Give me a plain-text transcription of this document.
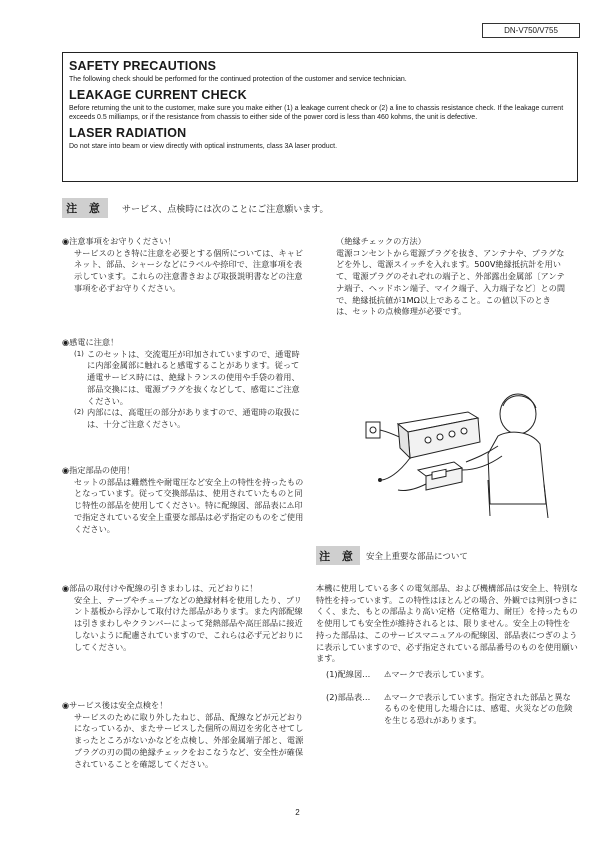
DN-V750/V755
SAFETY PRECAUTIONS

The following check should be performed for the continued protection of the customer and service technician.

LEAKAGE CURRENT CHECK

Before returning the unit to the customer, make sure you make either (1) a leakage current check or (2) a line to chassis resistance check. If the leakage current exceeds 0.5 milliamps, or if the resistance from chassis to either side of the power cord is less than 460 kohms, the unit is defective.

LASER RADIATION

Do not stare into beam or view directly with optical instruments, class 3A laser product.

注 意	サービス、点検時には次のことにご注意願います。
◉注意事項をお守りください！
サービスのとき特に注意を必要とする個所については、キャビネット、部品、シャーシなどにラベルや捺印で、注意事項を表示しています。これらの注意書きおよび取扱説明書などの注意事項を必ずお守りください。
◉感電に注意！
(1) このセットは、交流電圧が印加されていますので、通電時に内部金属部に触れると感電することがあります。従って通電サービス時には、絶縁トランスの使用や手袋の着用、部品交換には、電源プラグを抜くなどして、感電にご注意ください。
(2) 内部には、高電圧の部分がありますので、通電時の取扱には、十分ご注意ください。
◉指定部品の使用！
セットの部品は難燃性や耐電圧など安全上の特性を持ったものとなっています。従って交換部品は、使用されていたものと同じ特性の部品を使用してください。特に配線図、部品表に⚠印で指定されている安全上重要な部品は必ず指定のものをご使用ください。
（絶縁チェックの方法）
電源コンセントから電源プラグを抜き、アンテナや、プラグなどを外し、電源スイッチを入れます。500V絶縁抵抗計を用いて、電源プラグのそれぞれの端子と、外部露出金属部〔アンテナ端子、ヘッドホン端子、マイク端子、入力端子など〕との間で、絶縁抵抗値が1MΩ以上であること。この値以下のときは、セットの点検修理が必要です。
注 意	安全上重要な部品について
◉部品の取付けや配線の引きまわしは、元どおりに！
安全上、テープやチューブなどの絶縁材料を使用したり、プリント基板から浮かして取付けた部品があります。また内部配線は引きまわしやクランパーによって発熱部品や高圧部品に接近しないように配慮されていますので、これらは必ず元どおりにしてください。
◉サービス後は安全点検を！
サービスのために取り外したねじ、部品、配線などが元どおりになっているか、またサービスした個所の周辺を劣化させてしまったところがないかなどを点検し、外部金属端子部と、電源プラグの刃の間の絶縁チェックをおこなうなど、安全性が確保されていることを確認してください。
本機に使用している多くの電気部品、および機構部品は安全上、特別な特性を持っています。この特性はほとんどの場合、外観では判別つきにくく、また、もとの部品より高い定格（定格電力、耐圧）を持ったものを使用しても安全性が維持されるとは、限りません。安全上の特性を持った部品は、このサービスマニュアルの配線図、部品表につぎのように表示していますので、必ず指定されている部品番号のものを使用願います。
(1)配線図…	⚠マークで表示しています。
(2)部品表…	⚠マークで表示しています。指定された部品と異なるものを使用した場合には、感電、火災などの危険を生じる恐れがあります。
2
